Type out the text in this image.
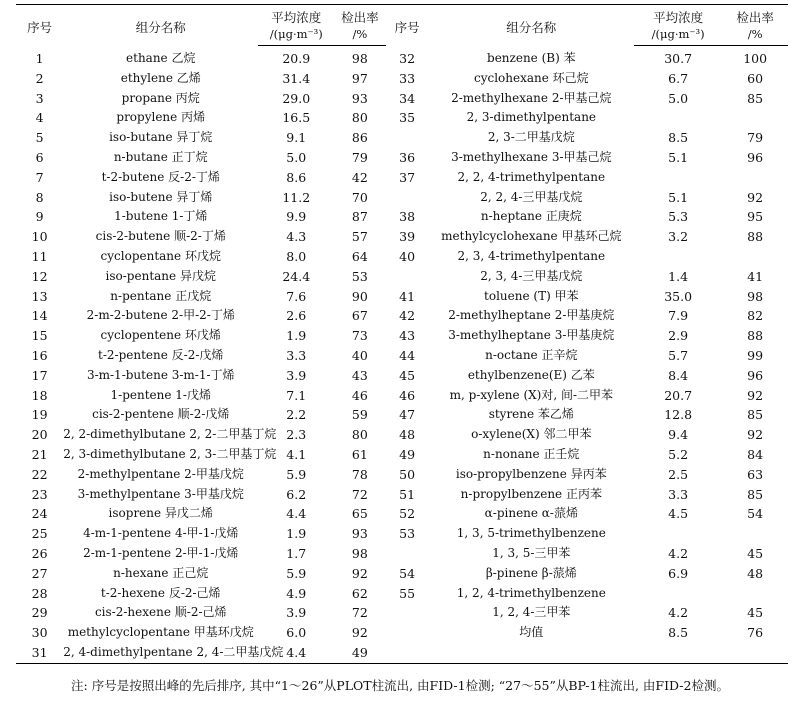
序号	组分名称	平均浓度	检出率	序号	组分名称	平均浓度	检出率
		/(μg·m⁻³)	/%			/(μg·m⁻³)	/%
1	ethane 乙烷	20.9	98	32	benzene (B) 苯	30.7	100
2	ethylene 乙烯	31.4	97	33	cyclohexane 环己烷	6.7	60
3	propane 丙烷	29.0	93	34	2-methylhexane 2-甲基己烷	5.0	85
4	propylene 丙烯	16.5	80	35	2, 3-dimethylpentane		
5	iso-butane 异丁烷	9.1	86		2, 3-二甲基戊烷	8.5	79
6	n-butane 正丁烷	5.0	79	36	3-methylhexane 3-甲基己烷	5.1	96
7	t-2-butene 反-2-丁烯	8.6	42	37	2, 2, 4-trimethylpentane		
8	iso-butene 异丁烯	11.2	70		2, 2, 4-三甲基戊烷	5.1	92
9	1-butene 1-丁烯	9.9	87	38	n-heptane 正庚烷	5.3	95
10	cis-2-butene 顺-2-丁烯	4.3	57	39	methylcyclohexane 甲基环己烷	3.2	88
11	cyclopentane 环戊烷	8.0	64	40	2, 3, 4-trimethylpentane		
12	iso-pentane 异戊烷	24.4	53		2, 3, 4-三甲基戊烷	1.4	41
13	n-pentane 正戊烷	7.6	90	41	toluene (T) 甲苯	35.0	98
14	2-m-2-butene 2-甲-2-丁烯	2.6	67	42	2-methylheptane 2-甲基庚烷	7.9	82
15	cyclopentene 环戊烯	1.9	73	43	3-methylheptane 3-甲基庚烷	2.9	88
16	t-2-pentene 反-2-戊烯	3.3	40	44	n-octane 正辛烷	5.7	99
17	3-m-1-butene 3-m-1-丁烯	3.9	43	45	ethylbenzene(E) 乙苯	8.4	96
18	1-pentene 1-戊烯	7.1	46	46	m, p-xylene (X)对, 间-二甲苯	20.7	92
19	cis-2-pentene 顺-2-戊烯	2.2	59	47	styrene 苯乙烯	12.8	85
20	2, 2-dimethylbutane 2, 2-二甲基丁烷	2.3	80	48	o-xylene(X) 邻二甲苯	9.4	92
21	2, 3-dimethylbutane 2, 3-二甲基丁烷	4.1	61	49	n-nonane 正壬烷	5.2	84
22	2-methylpentane 2-甲基戊烷	5.9	78	50	iso-propylbenzene 异丙苯	2.5	63
23	3-methylpentane 3-甲基戊烷	6.2	72	51	n-propylbenzene 正丙苯	3.3	85
24	isoprene 异戊二烯	4.4	65	52	α-pinene α-蒎烯	4.5	54
25	4-m-1-pentene 4-甲-1-戊烯	1.9	93	53	1, 3, 5-trimethylbenzene		
26	2-m-1-pentene 2-甲-1-戊烯	1.7	98		1, 3, 5-三甲苯	4.2	45
27	n-hexane 正己烷	5.9	92	54	β-pinene β-蒎烯	6.9	48
28	t-2-hexene 反-2-己烯	4.9	62	55	1, 2, 4-trimethylbenzene		
29	cis-2-hexene 顺-2-己烯	3.9	72		1, 2, 4-三甲苯	4.2	45
30	methylcyclopentane 甲基环戊烷	6.0	92		均值	8.5	76
31	2, 4-dimethylpentane 2, 4-二甲基戊烷	4.4	49				
注: 序号是按照出峰的先后排序, 其中“1～26”从PLOT柱流出, 由FID-1检测; “27～55”从BP-1柱流出, 由FID-2检测。
